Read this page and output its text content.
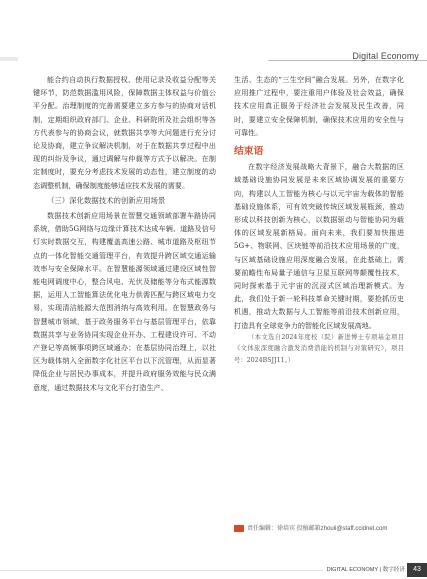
Digital Economy

能合约自动执行数据授权、使用记录及收益分配等关键环节，防范数据滥用风险，保障数据主体权益与价值公平分配。治理制度的完善需要建立多方参与的协商对话机制，定期组织政府部门、企业、科研院所及社会组织等各方代表参与的协商会议，就数据共享等大问题进行充分讨论及协商，建立争议解决机制，对于在数据共享过程中出现的纠纷及争议，通过调解与仲裁等方式予以解决。在制定制度时，要充分考虑技术发展的动态性，建立制度的动态调整机制，确保制度能够适应技术发展的需要。

（三）深化数据技术的创新应用场景

数据技术创新应用场景在智慧交通领域部署车路协同系统，借助5G网络与边缘计算技术达成车辆、道路及信号灯实时数据交互，构建覆盖高速公路、城市道路及枢纽节点的一体化智能交通管理平台，有效提升跨区域交通运输效率与安全保障水平。在智慧能源领域通过建设区域性智能电网调度中心，整合风电、光伏及储能等分布式能源数据，运用人工智能算法优化电力供需匹配与跨区域电力交易，实现清洁能源大范围消纳与高效利用。在智慧政务与智慧城市领域，基于政务服务平台与基层管理平台，依靠数据共享与业务协同实现企业开办、工程建设许可、不动产登记等高频事项跨区域通办；在基层协同治理上，以社区为载体纳入全面数字化社区平台以下沉管理，从而显著降低企业与居民办事成本，并提升政府服务效能与民众满意度，通过数据技术与文化平台打造生产、

生活、生态的“三生空间”融合发展。另外，在数字化应用推广过程中，要注重用户体验及社会效益，确保技术应用真正服务于经济社会发展及民生改善，同时，要建立安全保障机制，确保技术应用的安全性与可靠性。

结束语

在数字经济发展战略大背景下，融合大数据的区域基础设施协同发展是未来区域协调发展的重要方向，构建以人工智能为核心与以元宇宙为载体的智能基础设施体系，可有效突破传统区域发展瓶颈，推动形成以科技创新为核心，以数据驱动与智能协同为载体的区域发展新格局。面向未来，我们要加快推进5G+、物联网、区块链等前沿技术应用场景的广度，与区域基础设施应用深度融合发展，在此基础上，需要前瞻性布局量子通信与卫星互联网等颠覆性技术，同时探索基于元宇宙的沉浸式区域治理新模式。为此，我们处于新一轮科技革命关键时期，要抢抓历史机遇，推动大数据与人工智能等前沿技术创新应用，打造具有全球竞争力的智能化区域发展高地。

（本文选自2024年度校（院）新进博士专项基金项目《文体旅深度融合激发消费潜能的机制与对策研究》，项目号：2024BSJJ11。）

责任编辑：徐培宾 投稿邮箱zhouli@staff.ccidnet.com
DIGITAL ECONOMY | 数字经济	43
